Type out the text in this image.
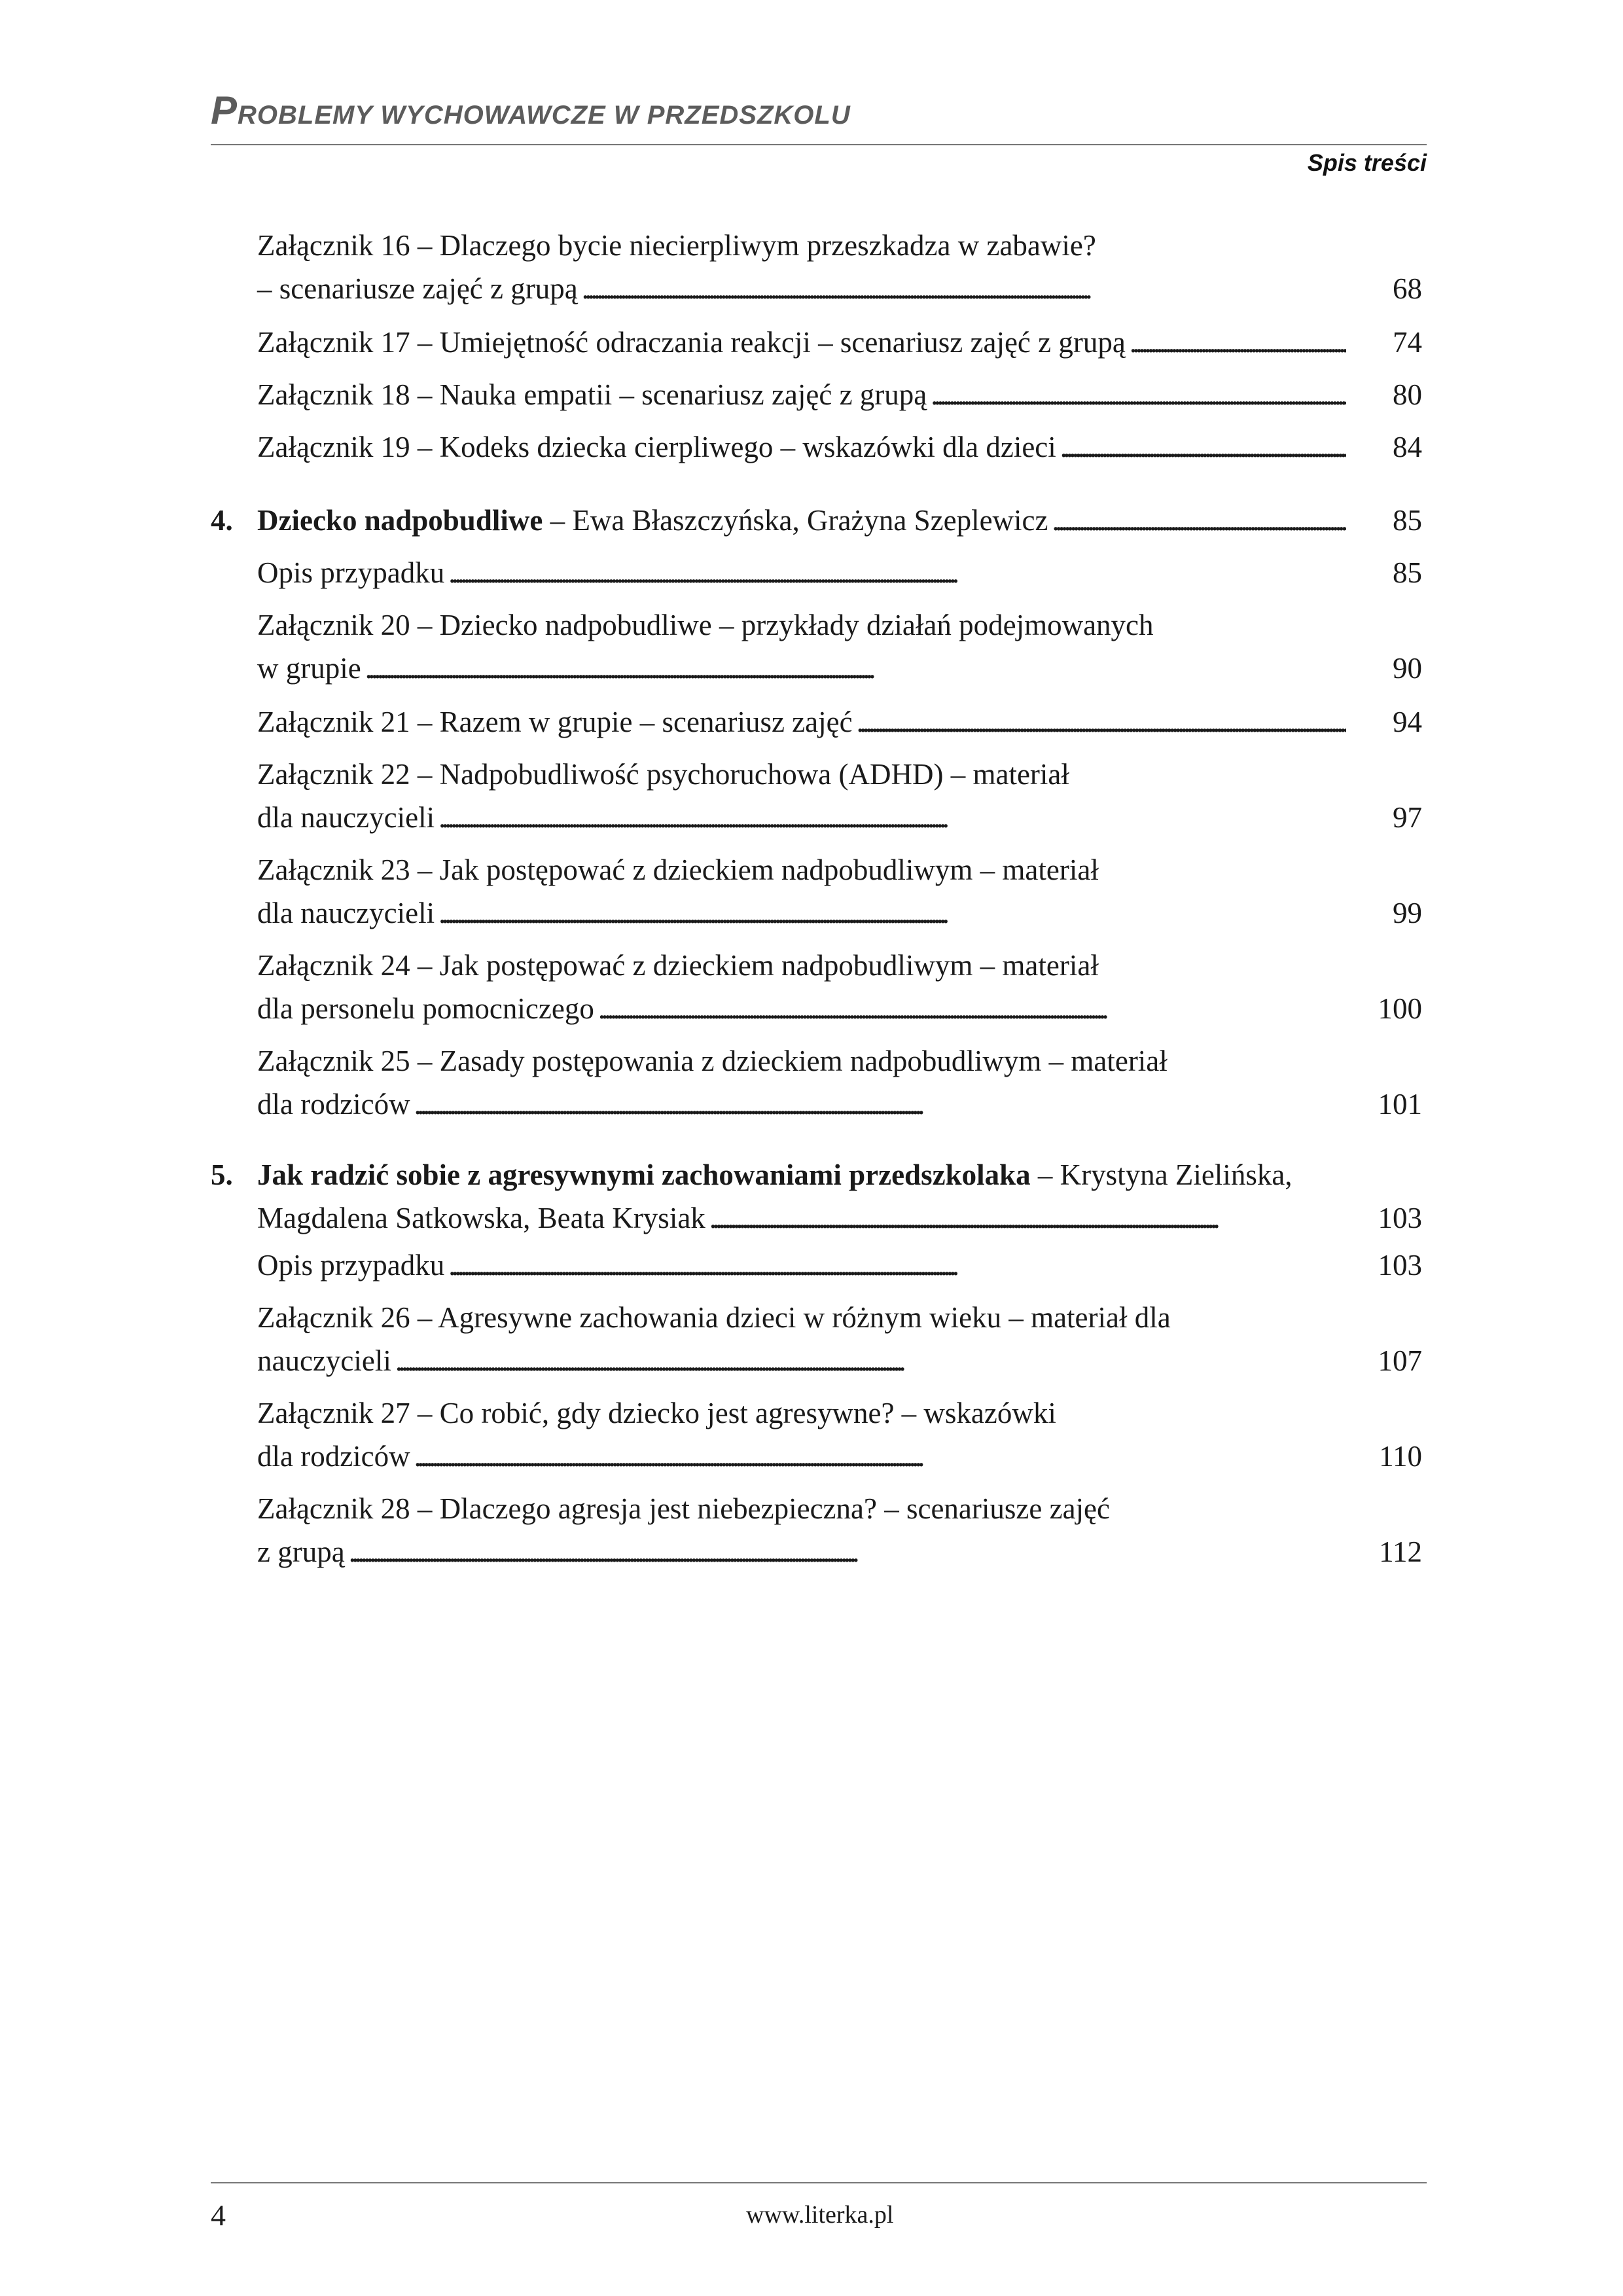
PROBLEMY WYCHOWAWCZE W PRZEDSZKOLU
Spis treści
Załącznik 16 – Dlaczego bycie niecierpliwym przeszkadza w zabawie?
– scenariusze zajęć z grupą . . .	68
Załącznik 17 – Umiejętność odraczania reakcji – scenariusz zajęć z grupą . . .	74
Załącznik 18 – Nauka empatii – scenariusz zajęć z grupą . . .	80
Załącznik 19 – Kodeks dziecka cierpliwego – wskazówki dla dzieci . . .	84
4. Dziecko nadpobudliwe – Ewa Błaszczyńska, Grażyna Szeplewicz . . .	85
Opis przypadku . . .	85
Załącznik 20 – Dziecko nadpobudliwe – przykłady działań podejmowanych
w grupie . . .	90
Załącznik 21 – Razem w grupie – scenariusz zajęć . . .	94
Załącznik 22 – Nadpobudliwość psychoruchowa (ADHD) – materiał
dla nauczycieli . . .	97
Załącznik 23 – Jak postępować z dzieckiem nadpobudliwym – materiał
dla nauczycieli . . .	99
Załącznik 24 – Jak postępować z dzieckiem nadpobudliwym – materiał
dla personelu pomocniczego . . .	100
Załącznik 25 – Zasady postępowania z dzieckiem nadpobudliwym – materiał
dla rodziców . . .	101
5. Jak radzić sobie z agresywnymi zachowaniami przedszkolaka – Krystyna Zielińska,
Magdalena Satkowska, Beata Krysiak . . .	103
Opis przypadku . . .	103
Załącznik 26 – Agresywne zachowania dzieci w różnym wieku – materiał dla
nauczycieli . . .	107
Załącznik 27 – Co robić, gdy dziecko jest agresywne? – wskazówki
dla rodziców . . .	110
Załącznik 28 – Dlaczego agresja jest niebezpieczna? – scenariusze zajęć
z grupą . . .	112
4	www.literka.pl
